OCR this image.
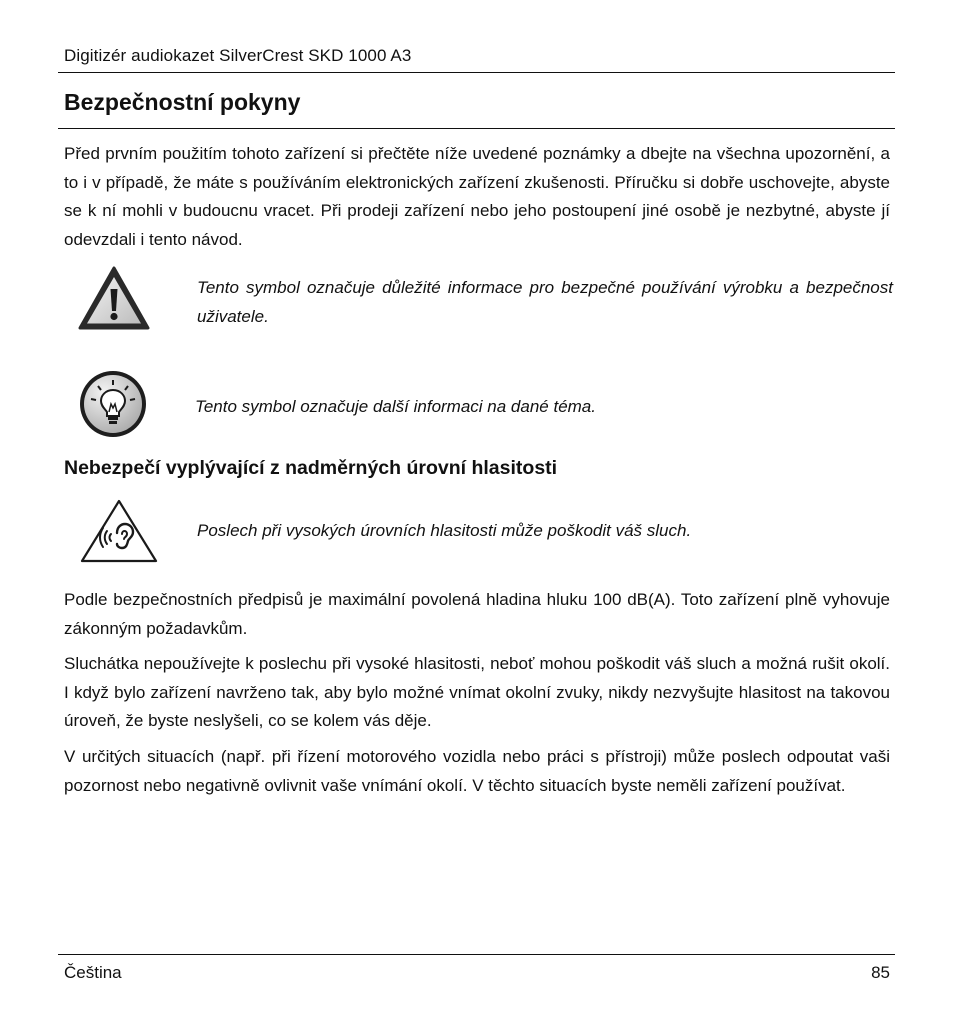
Digitizér audiokazet SilverCrest SKD 1000 A3
Bezpečnostní pokyny

Před prvním použitím tohoto zařízení si přečtěte níže uvedené poznámky a dbejte na všechna upozornění, a to i v případě, že máte s používáním elektronických zařízení zkušenosti. Příručku si dobře uschovejte, abyste se k ní mohli v budoucnu vracet. Při prodeji zařízení nebo jeho postoupení jiné osobě je nezbytné, abyste jí odevzdali i tento návod.

Tento symbol označuje důležité informace pro bezpečné používání výrobku a bezpečnost uživatele.

Tento symbol označuje další informaci na dané téma.

Nebezpečí vyplývající z nadměrných úrovní hlasitosti

Poslech při vysokých úrovních hlasitosti může poškodit váš sluch.

Podle bezpečnostních předpisů je maximální povolená hladina hluku 100 dB(A). Toto zařízení plně vyhovuje zákonným požadavkům.

Sluchátka nepoužívejte k poslechu při vysoké hlasitosti, neboť mohou poškodit váš sluch a možná rušit okolí. I když bylo zařízení navrženo tak, aby bylo možné vnímat okolní zvuky, nikdy nezvyšujte hlasitost na takovou úroveň, že byste neslyšeli, co se kolem vás děje.

V určitých situacích (např. při řízení motorového vozidla nebo práci s přístroji) může poslech odpoutat vaši pozornost nebo negativně ovlivnit vaše vnímání okolí. V těchto situacích byste neměli zařízení používat.

Čeština	85
